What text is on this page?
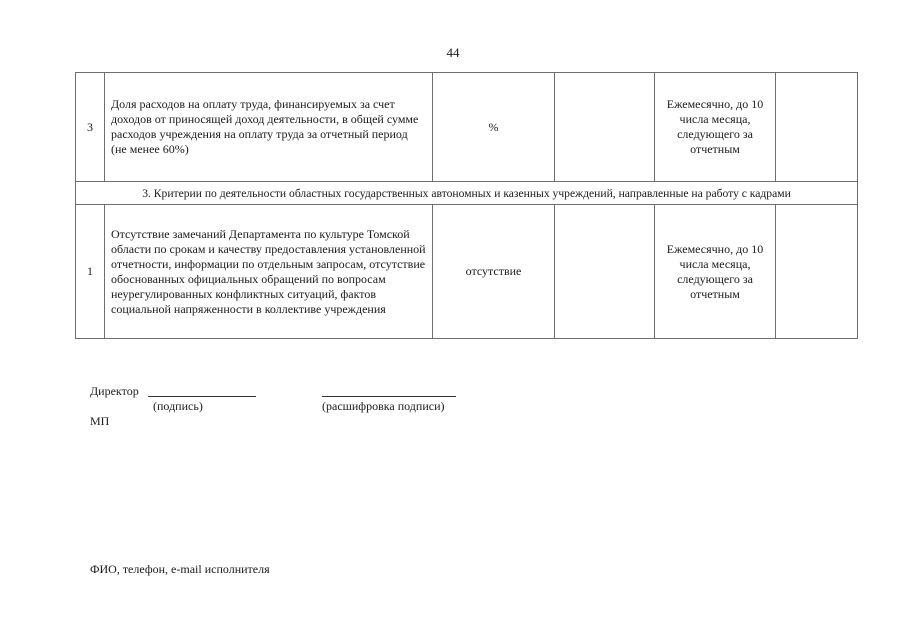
44
3	Доля расходов на оплату труда, финансируемых за счет доходов от приносящей доход деятельности, в общей сумме расходов учреждения на оплату труда за отчетный период (не менее 60%)	%		Ежемесячно, до 10 числа месяца, следующего за отчетным	
3. Критерии по деятельности областных государственных автономных и казенных учреждений, направленные на работу с кадрами					
1	Отсутствие замечаний Департамента по культуре Томской области по срокам и качеству предоставления установленной отчетности, информации по отдельным запросам, отсутствие обоснованных официальных обращений по вопросам неурегулированных конфликтных ситуаций, фактов социальной напряженности в коллективе учреждения	отсутствие		Ежемесячно, до 10 числа месяца, следующего за отчетным	
Директор
(подпись)	(расшифровка подписи)
МП
ФИО, телефон, e-mail исполнителя
